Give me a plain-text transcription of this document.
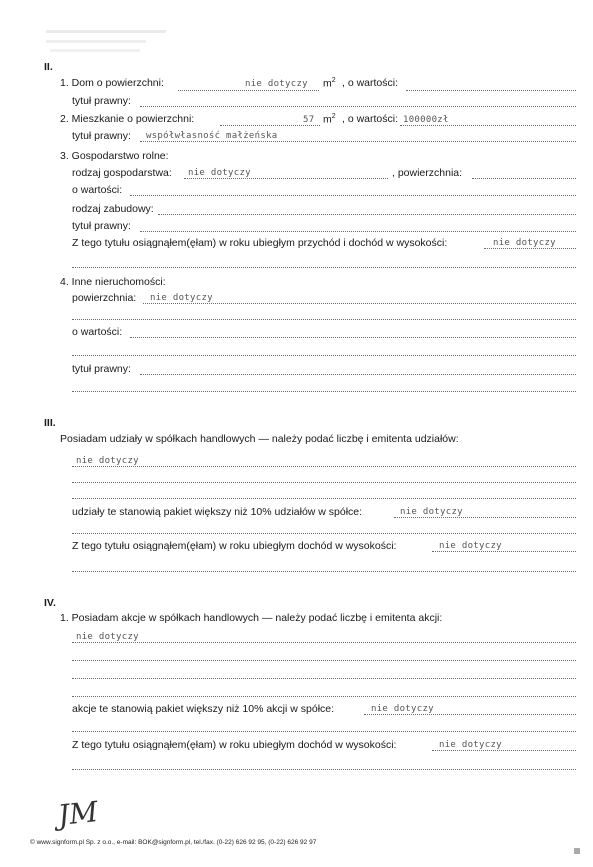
II.
1. Dom o powierzchni:	nie dotyczy $m^2$ , o wartości:
tytuł prawny:
2. Mieszkanie o powierzchni:	57 $m^2$ , o wartości: 100000zł
tytuł prawny: współwłasność małżeńska
3. Gospodarstwo rolne:
rodzaj gospodarstwa: nie dotyczy	, powierzchnia:
o wartości:
rodzaj zabudowy:
tytuł prawny:
Z tego tytułu osiągnąłem(ęłam) w roku ubiegłym przychód i dochód w wysokości:	nie dotyczy
4. Inne nieruchomości:
powierzchnia: nie dotyczy
o wartości:
tytuł prawny:
III.
Posiadam udziały w spółkach handlowych — należy podać liczbę i emitenta udziałów:
nie dotyczy
udziały te stanowią pakiet większy niż 10% udziałów w spółce:	nie dotyczy
Z tego tytułu osiągnąłem(ęłam) w roku ubiegłym dochód w wysokości:	nie dotyczy
IV.
1. Posiadam akcje w spółkach handlowych — należy podać liczbę i emitenta akcji:
nie dotyczy
akcje te stanowią pakiet większy niż 10% akcji w spółce:	nie dotyczy
Z tego tytułu osiągnąłem(ęłam) w roku ubiegłym dochód w wysokości:	nie dotyczy
JM
© www.signform.pl Sp. z o.o., e-mail: BOK@signform.pl, tel./fax. (0-22) 626 92 95, (0-22) 626 92 97
